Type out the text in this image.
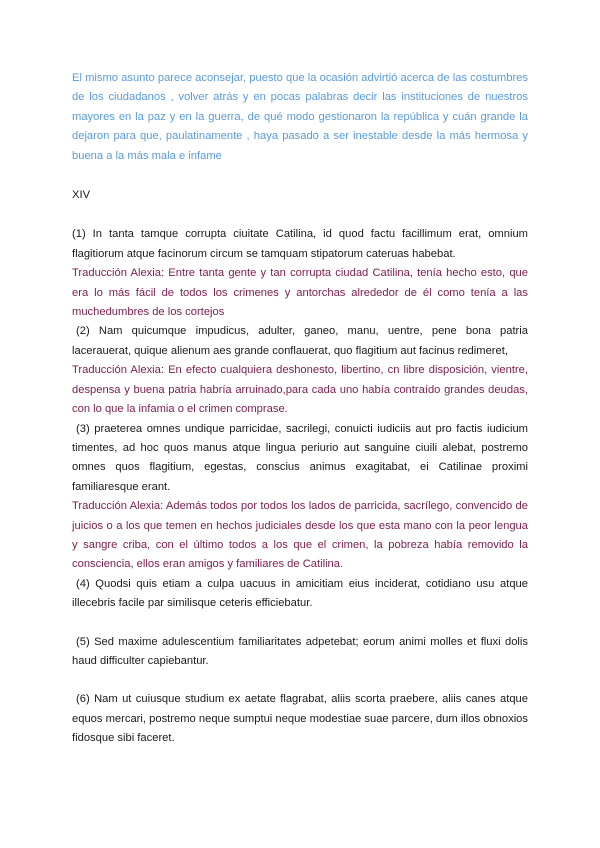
El mismo asunto parece aconsejar, puesto que la ocasión advirtió acerca de las costumbres de los ciudadanos , volver atrás y en pocas palabras decir las instituciones de nuestros mayores en la paz y en la guerra, de qué modo gestionaron la república y cuán grande la dejaron para que, paulatinamente , haya pasado a ser inestable desde la más hermosa y buena a la más mala e infame

XIV

(1) In tanta tamque corrupta ciuitate Catilina, id quod factu facillimum erat, omnium flagitiorum atque facinorum circum se tamquam stipatorum cateruas habebat.

Traducción Alexia: Entre tanta gente y tan corrupta ciudad Catilina, tenía hecho esto, que era lo más fácil de todos los crimenes y antorchas alrededor de él como tenía a las muchedumbres de los cortejos

(2) Nam quicumque impudicus, adulter, ganeo, manu, uentre, pene bona patria lacerauerat, quique alienum aes grande conflauerat, quo flagitium aut facinus redimeret,

Traducción Alexia: En efecto cualquiera deshonesto, libertino, cn libre disposición, vientre, despensa y buena patria habría arruinado,para cada uno había contraído grandes deudas, con lo que la infamia o el crimen comprase.

(3) praeterea omnes undique parricidae, sacrilegi, conuicti iudiciis aut pro factis iudicium timentes, ad hoc quos manus atque lingua periurio aut sanguine ciuili alebat, postremo omnes quos flagitium, egestas, conscius animus exagitabat, ei Catilinae proximi familiaresque erant.

Traducción Alexia: Además todos por todos los lados de parricida, sacrílego, convencido de juicios o a los que temen en hechos judiciales desde los que esta mano con la peor lengua y sangre criba, con el último todos a los que el crimen, la pobreza había removido la consciencia, ellos eran amigos y familiares de Catilina.

(4) Quodsi quis etiam a culpa uacuus in amicitiam eius inciderat, cotidiano usu atque illecebris facile par similisque ceteris efficiebatur.

(5) Sed maxime adulescentium familiaritates adpetebat; eorum animi molles et fluxi dolis haud difficulter capiebantur.

(6) Nam ut cuiusque studium ex aetate flagrabat, aliis scorta praebere, aliis canes atque equos mercari, postremo neque sumptui neque modestiae suae parcere, dum illos obnoxios fidosque sibi faceret.
